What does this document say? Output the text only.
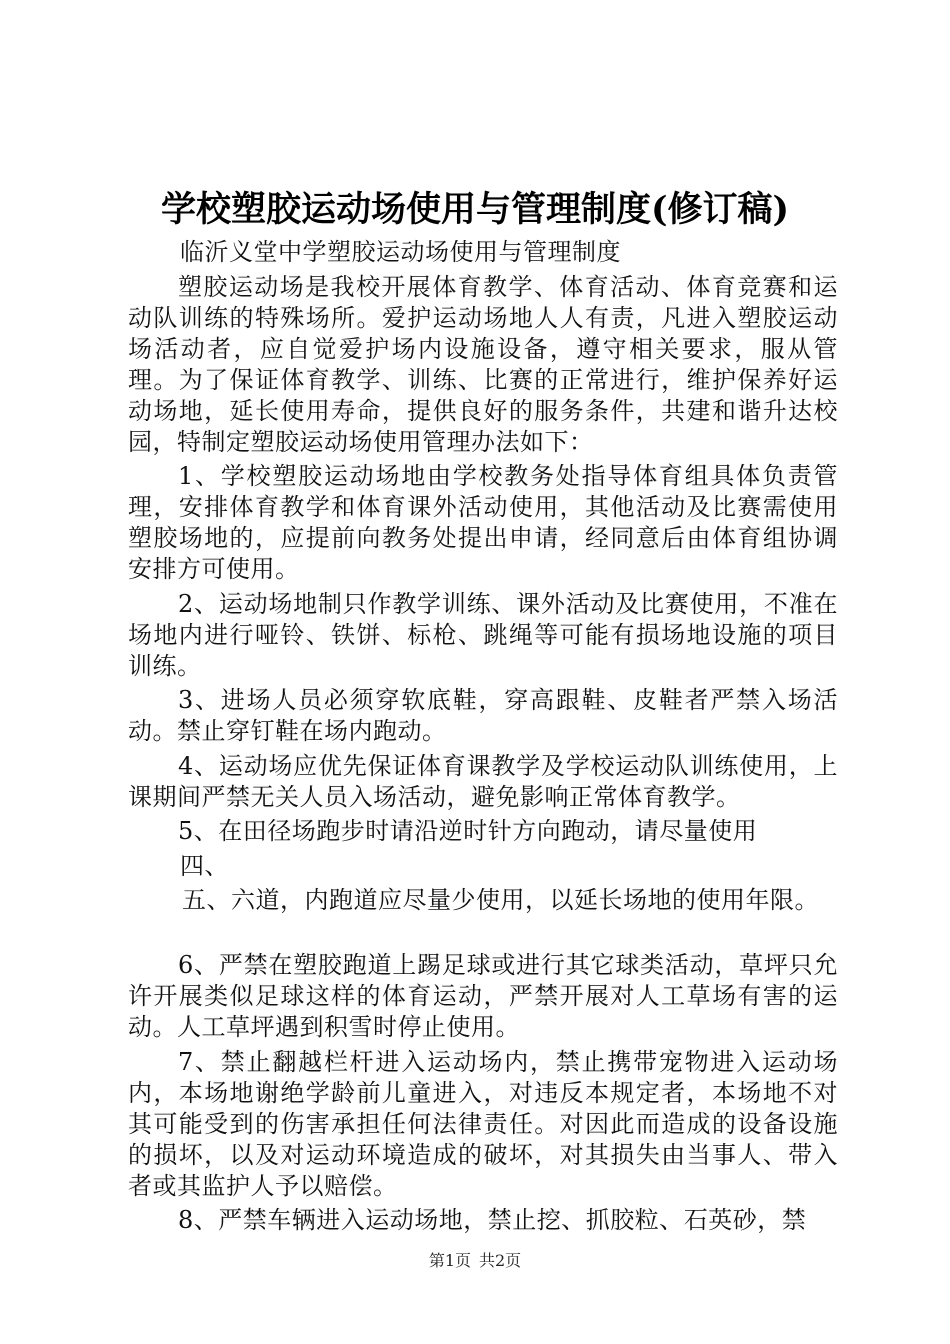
学校塑胶运动场使用与管理制度(修订稿)

临沂义堂中学塑胶运动场使用与管理制度

塑胶运动场是我校开展体育教学、体育活动、体育竞赛和运动队训练的特殊场所。爱护运动场地人人有责，凡进入塑胶运动场活动者，应自觉爱护场内设施设备，遵守相关要求，服从管理。为了保证体育教学、训练、比赛的正常进行，维护保养好运动场地，延长使用寿命，提供良好的服务条件，共建和谐升达校园，特制定塑胶运动场使用管理办法如下：

1、学校塑胶运动场地由学校教务处指导体育组具体负责管理，安排体育教学和体育课外活动使用，其他活动及比赛需使用塑胶场地的，应提前向教务处提出申请，经同意后由体育组协调安排方可使用。

2、运动场地制只作教学训练、课外活动及比赛使用，不准在场地内进行哑铃、铁饼、标枪、跳绳等可能有损场地设施的项目训练。

3、进场人员必须穿软底鞋，穿高跟鞋、皮鞋者严禁入场活动。禁止穿钉鞋在场内跑动。

4、运动场应优先保证体育课教学及学校运动队训练使用，上课期间严禁无关人员入场活动，避免影响正常体育教学。

5、在田径场跑步时请沿逆时针方向跑动，请尽量使用

四、

五、六道，内跑道应尽量少使用，以延长场地的使用年限。

6、严禁在塑胶跑道上踢足球或进行其它球类活动，草坪只允许开展类似足球这样的体育运动，严禁开展对人工草场有害的运动。人工草坪遇到积雪时停止使用。

7、禁止翻越栏杆进入运动场内，禁止携带宠物进入运动场内，本场地谢绝学龄前儿童进入，对违反本规定者，本场地不对其可能受到的伤害承担任何法律责任。对因此而造成的设备设施的损坏，以及对运动环境造成的破坏，对其损失由当事人、带入者或其监护人予以赔偿。

8、严禁车辆进入运动场地，禁止挖、抓胶粒、石英砂，禁

第1页 共2页
